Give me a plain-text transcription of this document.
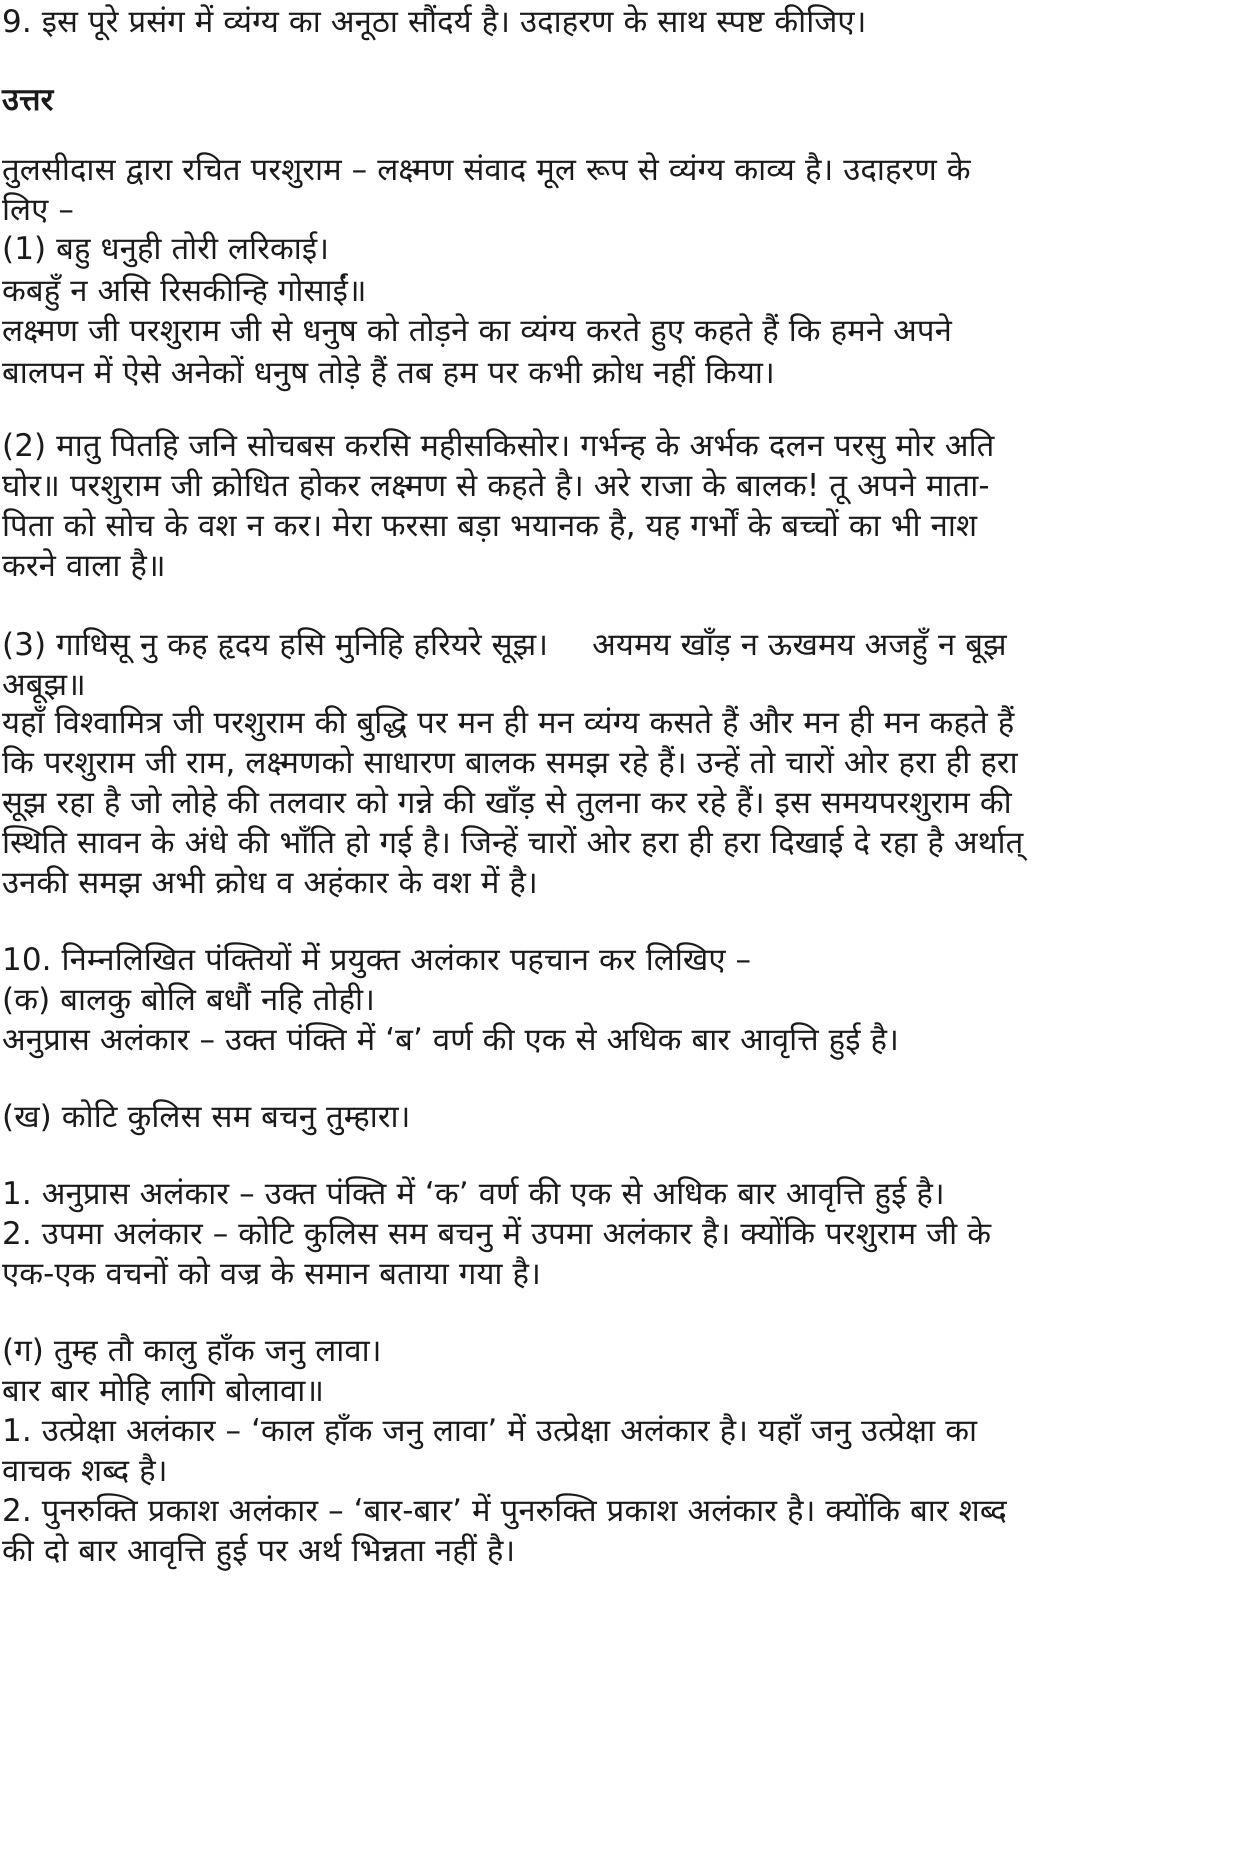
9. इस पूरे प्रसंग में व्यंग्य का अनूठा सौंदर्य है। उदाहरण के साथ स्पष्ट कीजिए।
उत्तर
तुलसीदास द्वारा रचित परशुराम – लक्ष्मण संवाद मूल रूप से व्यंग्य काव्य है। उदाहरण के
लिए –
(1) बहु धनुही तोरी लरिकाई।
कबहुँ न असि रिसकीन्हि गोसाईं॥
लक्ष्मण जी परशुराम जी से धनुष को तोड़ने का व्यंग्य करते हुए कहते हैं कि हमने अपने
बालपन में ऐसे अनेकों धनुष तोड़े हैं तब हम पर कभी क्रोध नहीं किया।
(2) मातु पितहि जनि सोचबस करसि महीसकिसोर। गर्भन्ह के अर्भक दलन परसु मोर अति
घोर॥ परशुराम जी क्रोधित होकर लक्ष्मण से कहते है। अरे राजा के बालक! तू अपने माता-
पिता को सोच के वश न कर। मेरा फरसा बड़ा भयानक है, यह गर्भों के बच्चों का भी नाश
करने वाला है॥
(3) गाधिसू नु कह हृदय हसि मुनिहि हरियरे सूझ। अयमय खाँड़ न ऊखमय अजहुँ न बूझ
अबूझ॥
यहाँ विश्वामित्र जी परशुराम की बुद्धि पर मन ही मन व्यंग्य कसते हैं और मन ही मन कहते हैं
कि परशुराम जी राम, लक्ष्मणको साधारण बालक समझ रहे हैं। उन्हें तो चारों ओर हरा ही हरा
सूझ रहा है जो लोहे की तलवार को गन्ने की खाँड़ से तुलना कर रहे हैं। इस समयपरशुराम की
स्थिति सावन के अंधे की भाँति हो गई है। जिन्हें चारों ओर हरा ही हरा दिखाई दे रहा है अर्थात्
उनकी समझ अभी क्रोध व अहंकार के वश में है।
10. निम्नलिखित पंक्तियों में प्रयुक्त अलंकार पहचान कर लिखिए –
(क) बालकु बोलि बधौं नहि तोही।
अनुप्रास अलंकार – उक्त पंक्ति में ‘ब’ वर्ण की एक से अधिक बार आवृत्ति हुई है।
(ख) कोटि कुलिस सम बचनु तुम्हारा।
1. अनुप्रास अलंकार – उक्त पंक्ति में ‘क’ वर्ण की एक से अधिक बार आवृत्ति हुई है।
2. उपमा अलंकार – कोटि कुलिस सम बचनु में उपमा अलंकार है। क्योंकि परशुराम जी के
एक-एक वचनों को वज्र के समान बताया गया है।
(ग) तुम्ह तौ कालु हाँक जनु लावा।
बार बार मोहि लागि बोलावा॥
1. उत्प्रेक्षा अलंकार – ‘काल हाँक जनु लावा’ में उत्प्रेक्षा अलंकार है। यहाँ जनु उत्प्रेक्षा का
वाचक शब्द है।
2. पुनरुक्ति प्रकाश अलंकार – ‘बार-बार’ में पुनरुक्ति प्रकाश अलंकार है। क्योंकि बार शब्द
की दो बार आवृत्ति हुई पर अर्थ भिन्नता नहीं है।
